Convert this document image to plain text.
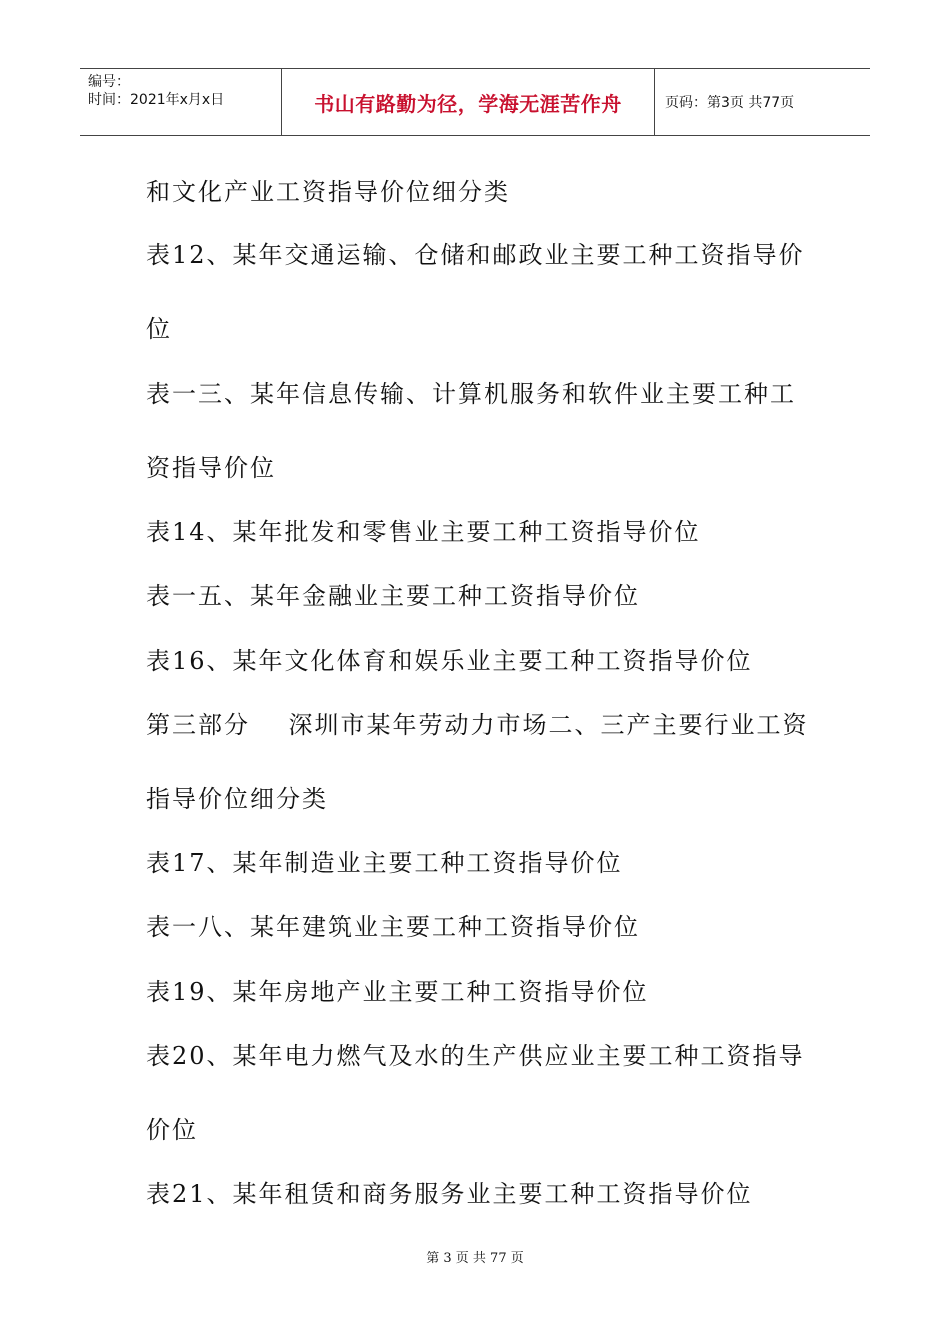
编号：
时间：2021年x月x日	书山有路勤为径，学海无涯苦作舟	页码：第3页 共77页
和文化产业工资指导价位细分类
表12、某年交通运输、仓储和邮政业主要工种工资指导价
位
表一三、某年信息传输、计算机服务和软件业主要工种工
资指导价位
表14、某年批发和零售业主要工种工资指导价位
表一五、某年金融业主要工种工资指导价位
表16、某年文化体育和娱乐业主要工种工资指导价位
第三部分    深圳市某年劳动力市场二、三产主要行业工资
指导价位细分类
表17、某年制造业主要工种工资指导价位
表一八、某年建筑业主要工种工资指导价位
表19、某年房地产业主要工种工资指导价位
表20、某年电力燃气及水的生产供应业主要工种工资指导
价位
表21、某年租赁和商务服务业主要工种工资指导价位
第 3 页 共 77 页
